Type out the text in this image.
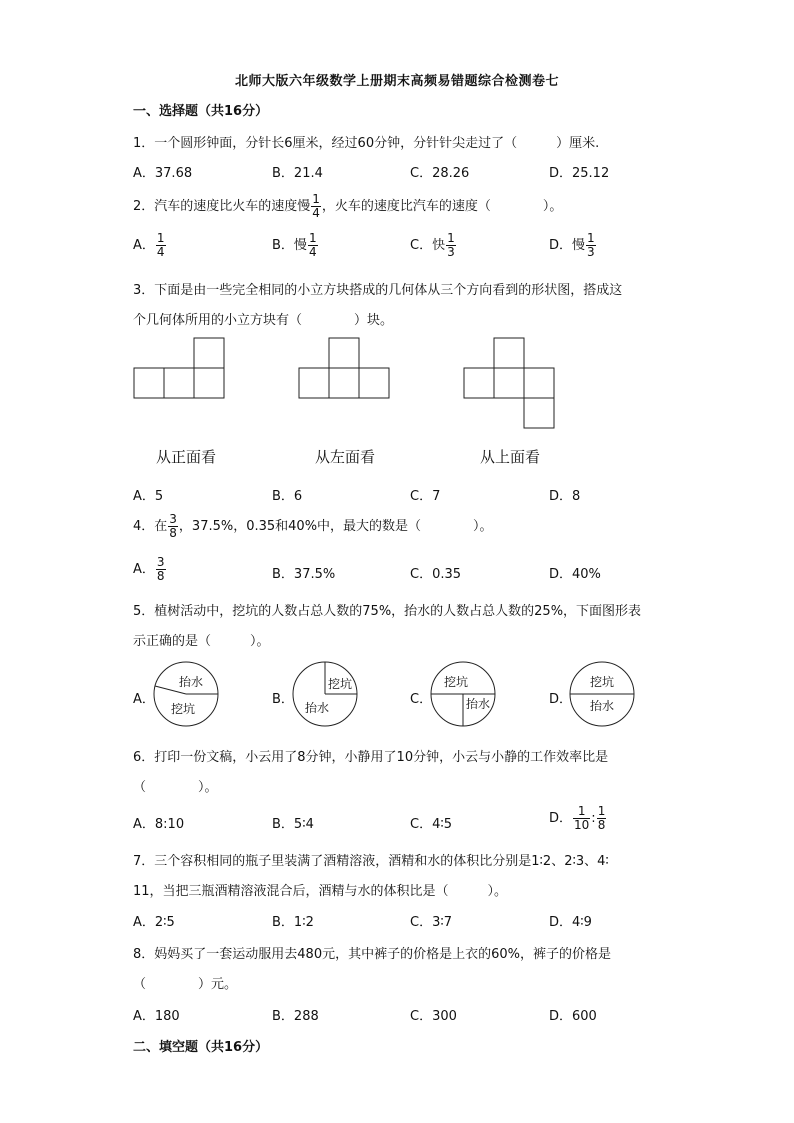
北师大版六年级数学上册期末高频易错题综合检测卷七
一、选择题（共16分）
1．一个圆形钟面，分针长6厘米，经过60分钟，分针针尖走过了（　　　）厘米.
A．37.68	B．21.4	C．28.26	D．25.12
2．汽车的速度比火车的速度慢 $\frac{1}{4}$ ，火车的速度比汽车的速度（　　　　）。
A． $\frac{1}{4}$	B．慢 $\frac{1}{4}$	C．快 $\frac{1}{3}$	D．慢 $\frac{1}{3}$
3．下面是由一些完全相同的小立方块搭成的几何体从三个方向看到的形状图，搭成这
个几何体所用的小立方块有（　　　　）块。
从正面看	从左面看	从上面看
A．5	B．6	C．7	D．8
4．在 $\frac{3}{8}$ ，37.5%，0.35和40%中，最大的数是（　　　　）。
A． $\frac{3}{8}$	B．37.5%	C．0.35	D．40%
5．植树活动中，挖坑的人数占总人数的75%，抬水的人数占总人数的25%，下面图形表
示正确的是（　　　）。
A．	B．	C．	D．
抬水
挖坑
挖坑
抬水
挖坑
抬水
挖坑
抬水
6．打印一份文稿，小云用了8分钟，小静用了10分钟，小云与小静的工作效率比是
（　　　　）。
A．8:10	B．5∶4	C．4∶5	D． $\frac{1}{10}$ : $\frac{1}{8}$
7．三个容积相同的瓶子里装满了酒精溶液，酒精和水的体积比分别是1∶2、2∶3、4∶
11，当把三瓶酒精溶液混合后，酒精与水的体积比是（　　　）。
A．2∶5	B．1∶2	C．3∶7	D．4∶9
8．妈妈买了一套运动服用去480元，其中裤子的价格是上衣的60%，裤子的价格是
（　　　　）元。
A．180	B．288	C．300	D．600
二、填空题（共16分）
